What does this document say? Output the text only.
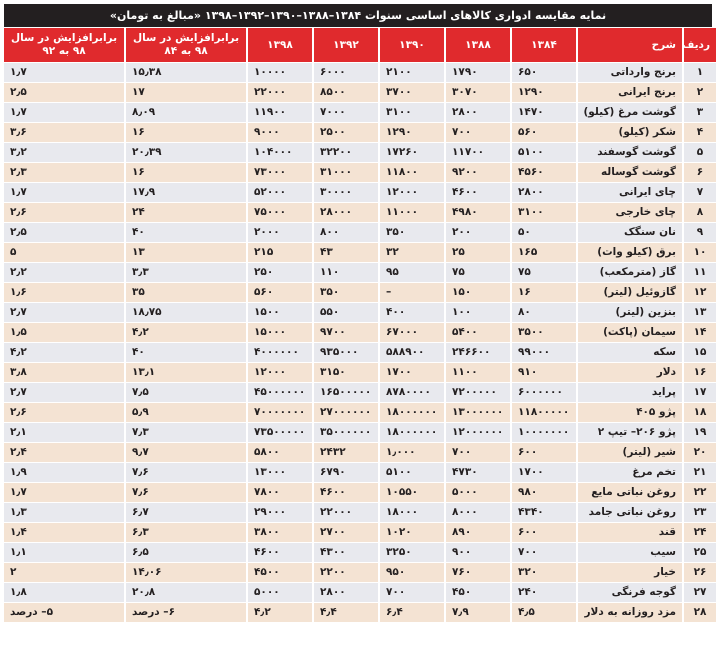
نمایه مقایسه ادواری کالاهای اساسی سنوات ۱۳۸۴–۱۳۸۸–۱۳۹۰–۱۳۹۲–۱۳۹۸ «مبالغ به تومان»
ردیف	شرح	۱۳۸۴	۱۳۸۸	۱۳۹۰	۱۳۹۲	۱۳۹۸	برابرافزایش در سال ۹۸ به ۸۴	برابرافزایش در سال ۹۸ به ۹۲
۱	برنج وارداتی	۶۵۰	۱۷۹۰	۲۱۰۰	۶۰۰۰	۱۰۰۰۰	۱۵٫۳۸	۱٫۷
۲	برنج ایرانی	۱۲۹۰	۳۰۷۰	۳۷۰۰	۸۵۰۰	۲۲۰۰۰	۱۷	۲٫۵
۳	گوشت مرغ (کیلو)	۱۴۷۰	۲۸۰۰	۳۱۰۰	۷۰۰۰	۱۱۹۰۰	۸٫۰۹	۱٫۷
۴	شکر (کیلو)	۵۶۰	۷۰۰	۱۲۹۰	۲۵۰۰	۹۰۰۰	۱۶	۳٫۶
۵	گوشت گوسفند	۵۱۰۰	۱۱۷۰۰	۱۷۲۶۰	۳۲۲۰۰	۱۰۴۰۰۰	۲۰٫۳۹	۳٫۲
۶	گوشت گوساله	۴۵۶۰	۹۲۰۰	۱۱۸۰۰	۳۱۰۰۰	۷۳۰۰۰	۱۶	۲٫۳
۷	چای ایرانی	۲۸۰۰	۴۶۰۰	۱۲۰۰۰	۳۰۰۰۰	۵۲۰۰۰	۱۷٫۹	۱٫۷
۸	چای خارجی	۳۱۰۰	۴۹۸۰	۱۱۰۰۰	۲۸۰۰۰	۷۵۰۰۰	۲۴	۲٫۶
۹	نان سنگک	۵۰	۲۰۰	۳۵۰	۸۰۰	۲۰۰۰	۴۰	۲٫۵
۱۰	برق (کیلو وات)	۱۶۵	۲۵	۳۲	۴۳	۲۱۵	۱۳	۵
۱۱	گاز (مترمکعب)	۷۵	۷۵	۹۵	۱۱۰	۲۵۰	۳٫۳	۲٫۲
۱۲	گازوئیل (لیتر)	۱۶	۱۵۰	–	۳۵۰	۵۶۰	۳۵	۱٫۶
۱۳	بنزین (لیتر)	۸۰	۱۰۰	۴۰۰	۵۵۰	۱۵۰۰	۱۸٫۷۵	۲٫۷
۱۴	سیمان (پاکت)	۳۵۰۰	۵۴۰۰	۶۷۰۰۰	۹۷۰۰	۱۵۰۰۰	۴٫۲	۱٫۵
۱۵	سکه	۹۹۰۰۰	۲۴۶۶۰۰	۵۸۸۹۰۰	۹۳۵۰۰۰	۴۰۰۰۰۰۰	۴۰	۴٫۲
۱۶	دلار	۹۱۰	۱۱۰۰	۱۷۰۰	۳۱۵۰	۱۲۰۰۰	۱۳٫۱	۳٫۸
۱۷	پراید	۶۰۰۰۰۰۰	۷۲۰۰۰۰۰	۸۷۸۰۰۰۰	۱۶۵۰۰۰۰۰	۴۵۰۰۰۰۰۰	۷٫۵	۲٫۷
۱۸	پژو ۴۰۵	۱۱۸۰۰۰۰۰	۱۳۰۰۰۰۰۰	۱۸۰۰۰۰۰۰	۲۷۰۰۰۰۰۰	۷۰۰۰۰۰۰۰	۵٫۹	۲٫۶
۱۹	پژو ۲۰۶– تیپ ۲	۱۰۰۰۰۰۰۰	۱۲۰۰۰۰۰۰	۱۸۰۰۰۰۰۰	۳۵۰۰۰۰۰۰	۷۳۵۰۰۰۰۰	۷٫۳	۲٫۱
۲۰	شیر (لیتر)	۶۰۰	۷۰۰	۱٫۰۰۰	۲۴۳۲	۵۸۰۰	۹٫۷	۲٫۴
۲۱	تخم مرغ	۱۷۰۰	۴۷۳۰	۵۱۰۰	۶۷۹۰	۱۳۰۰۰	۷٫۶	۱٫۹
۲۲	روغن نباتی مایع	۹۸۰	۵۰۰۰	۱۰۵۵۰	۴۶۰۰	۷۸۰۰	۷٫۶	۱٫۷
۲۳	روغن نباتی جامد	۴۳۴۰	۸۰۰۰	۱۸۰۰۰	۲۲۰۰۰	۲۹۰۰۰	۶٫۷	۱٫۳
۲۴	قند	۶۰۰	۸۹۰	۱۰۲۰	۲۷۰۰	۳۸۰۰	۶٫۳	۱٫۴
۲۵	سیب	۷۰۰	۹۰۰	۳۲۵۰	۴۳۰۰	۴۶۰۰	۶٫۵	۱٫۱
۲۶	خیار	۳۲۰	۷۶۰	۹۵۰	۲۲۰۰	۴۵۰۰	۱۴٫۰۶	۲
۲۷	گوجه فرنگی	۲۴۰	۴۵۰	۷۰۰	۲۸۰۰	۵۰۰۰	۲۰٫۸	۱٫۸
۲۸	مزد روزانه به دلار	۴٫۵	۷٫۹	۶٫۴	۴٫۴	۴٫۲	۶– درصد	۵– درصد
